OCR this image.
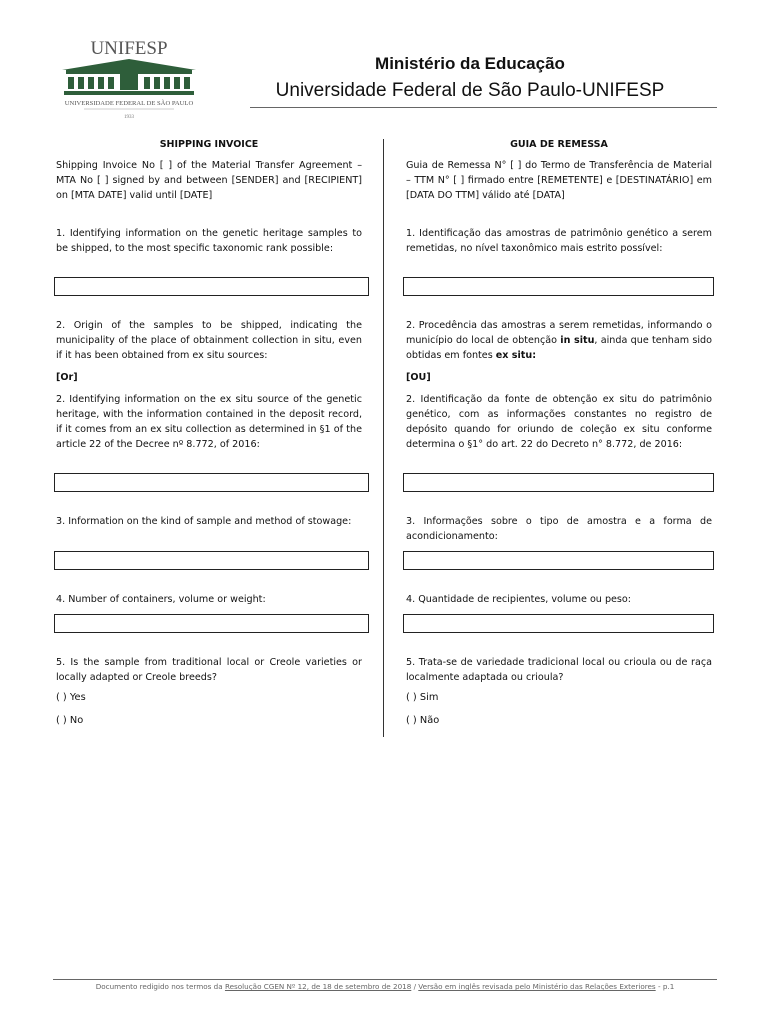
UNIFESP
UNIVERSIDADE FEDERAL DE SÃO PAULO
1933
Ministério da Educação
Universidade Federal de São Paulo-UNIFESP
SHIPPING INVOICE
Shipping Invoice No [ ] of the Material Transfer Agreement – MTA No [ ] signed by and between [SENDER] and [RECIPIENT] on [MTA DATE] valid until [DATE]
1. Identifying information on the genetic heritage samples to be shipped, to the most specific taxonomic rank possible:
2. Origin of the samples to be shipped, indicating the municipality of the place of obtainment collection in situ, even if it has been obtained from ex situ sources:
[Or]
2. Identifying information on the ex situ source of the genetic heritage, with the information contained in the deposit record, if it comes from an ex situ collection as determined in §1 of the article 22 of the Decree nº 8.772, of 2016:
3. Information on the kind of sample and method of stowage:
4. Number of containers, volume or weight:
5. Is the sample from traditional local or Creole varieties or locally adapted or Creole breeds?
( ) Yes
( ) No
GUIA DE REMESSA
Guia de Remessa N° [ ] do Termo de Transferência de Material – TTM N° [ ] firmado entre [REMETENTE] e [DESTINATÁRIO] em [DATA DO TTM] válido até [DATA]
1. Identificação das amostras de patrimônio genético a serem remetidas, no nível taxonômico mais estrito possível:
2. Procedência das amostras a serem remetidas, informando o município do local de obtenção in situ, ainda que tenham sido obtidas em fontes ex situ:
[OU]
2. Identificação da fonte de obtenção ex situ do patrimônio genético, com as informações constantes no registro de depósito quando for oriundo de coleção ex situ conforme determina o §1° do art. 22 do Decreto n° 8.772, de 2016:
3. Informações sobre o tipo de amostra e a forma de acondicionamento:
4. Quantidade de recipientes, volume ou peso:
5. Trata-se de variedade tradicional local ou crioula ou de raça localmente adaptada ou crioula?
( ) Sim
( ) Não
Documento redigido nos termos da Resolução CGEN Nº 12, de 18 de setembro de 2018 / Versão em inglês revisada pelo Ministério das Relações Exteriores - p.1
